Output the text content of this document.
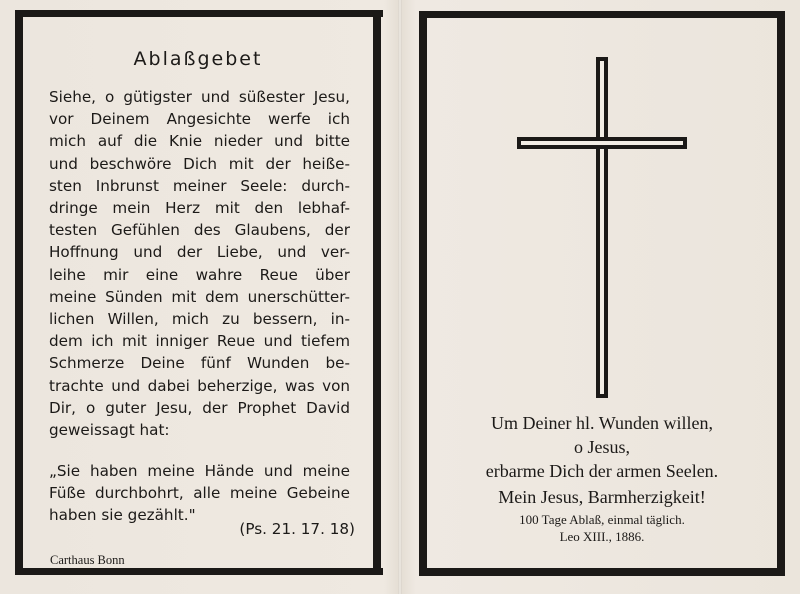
Ablaßgebet
Siehe, o gütigster und süßester Jesu,
vor Deinem Angesichte werfe ich
mich auf die Knie nieder und bitte
und beschwöre Dich mit der heiße-
sten Inbrunst meiner Seele: durch-
dringe mein Herz mit den lebhaf-
testen Gefühlen des Glaubens, der
Hoffnung und der Liebe, und ver-
leihe mir eine wahre Reue über
meine Sünden mit dem unerschütter-
lichen Willen, mich zu bessern, in-
dem ich mit inniger Reue und tiefem
Schmerze Deine fünf Wunden be-
trachte und dabei beherzige, was von
Dir, o guter Jesu, der Prophet David
geweissagt hat:
„Sie haben meine Hände und meine
Füße durchbohrt, alle meine Gebeine
haben sie gezählt."
(Ps. 21. 17. 18)
Carthaus Bonn
Um Deiner hl. Wunden willen,
o Jesus,
erbarme Dich der armen Seelen.
Mein Jesus, Barmherzigkeit!
100 Tage Ablaß, einmal täglich.
Leo XIII., 1886.
